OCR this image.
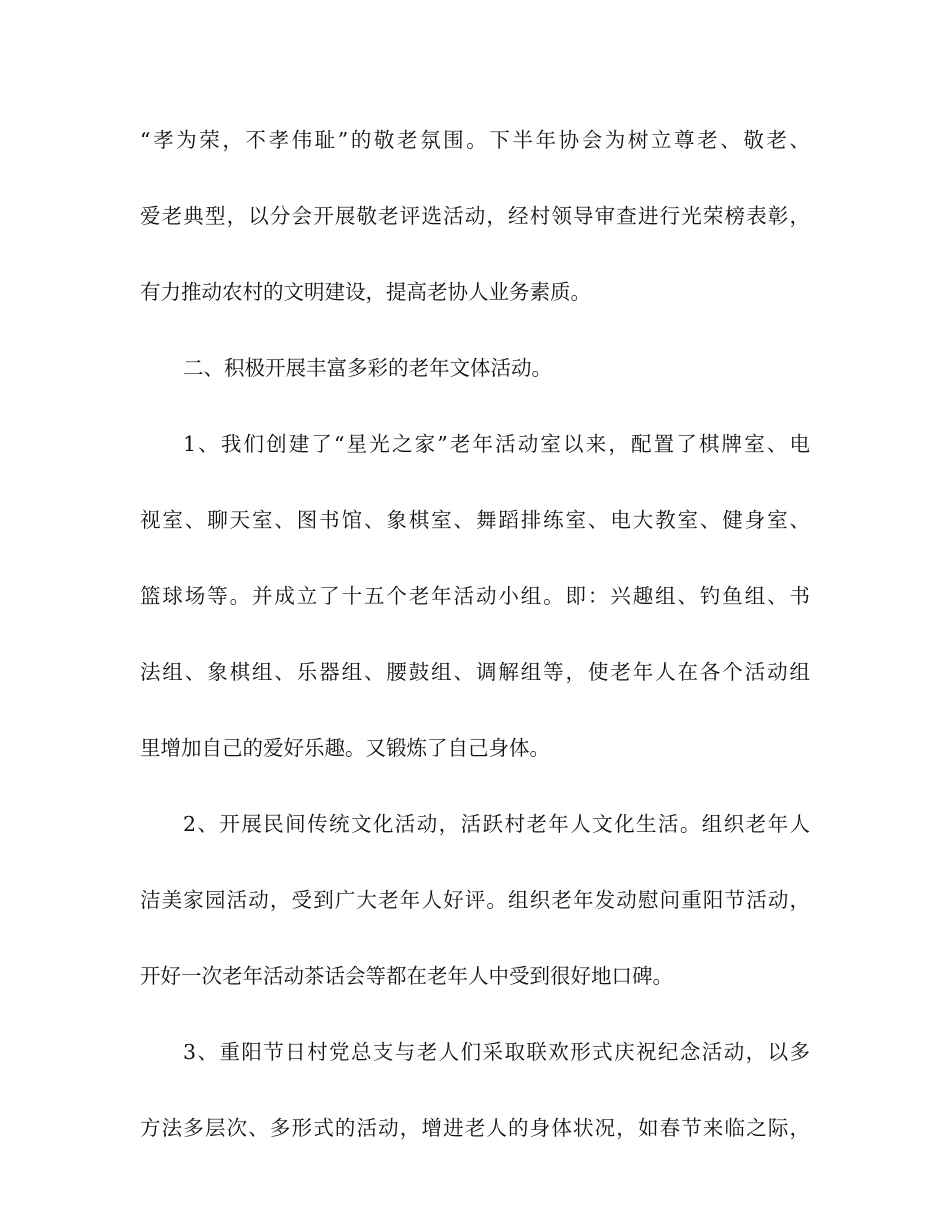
“孝为荣，不孝伟耻”的敬老氛围。下半年协会为树立尊老、敬老、
爱老典型，以分会开展敬老评选活动，经村领导审查进行光荣榜表彰，
有力推动农村的文明建设，提高老协人业务素质。
二、积极开展丰富多彩的老年文体活动。
1、我们创建了“星光之家”老年活动室以来，配置了棋牌室、电
视室、聊天室、图书馆、象棋室、舞蹈排练室、电大教室、健身室、
篮球场等。并成立了十五个老年活动小组。即：兴趣组、钓鱼组、书
法组、象棋组、乐器组、腰鼓组、调解组等，使老年人在各个活动组
里增加自己的爱好乐趣。又锻炼了自己身体。
2、开展民间传统文化活动，活跃村老年人文化生活。组织老年人
洁美家园活动，受到广大老年人好评。组织老年发动慰问重阳节活动，
开好一次老年活动茶话会等都在老年人中受到很好地口碑。
3、重阳节日村党总支与老人们采取联欢形式庆祝纪念活动，以多
方法多层次、多形式的活动，增进老人的身体状况，如春节来临之际，
